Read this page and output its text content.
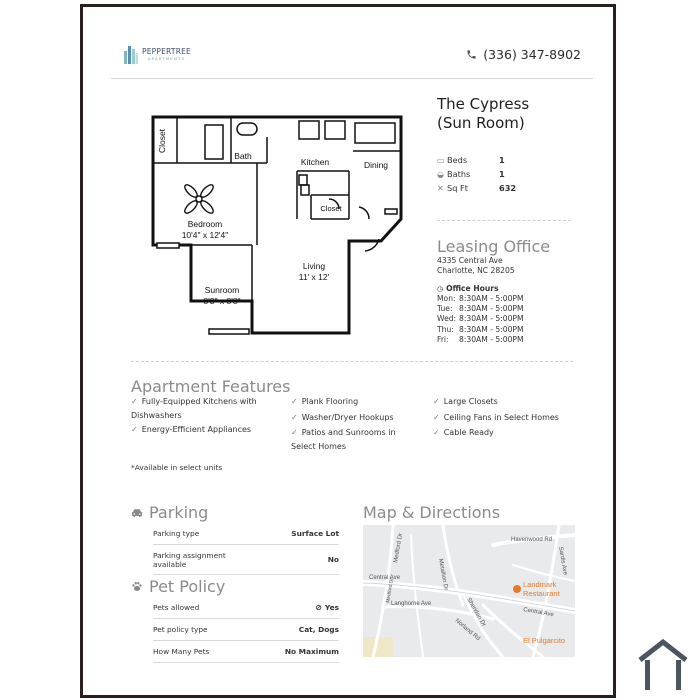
PEPPERTREE
APARTMENTS	(336) 347-8902
Closet
Bath
Kitchen	Dining
Bedroom
10'4" x 12'4"
Closet
Living
11' x 12'
Sunroom
8'3" x 8'8"
The Cypress
(Sun Room)
▭ Beds	1
◒ Baths	1
✕ Sq Ft	632
Leasing Office
4335 Central Ave
Charlotte, NC 28205
◷ Office Hours
Mon: 8:30AM - 5:00PM
Tue: 8:30AM - 5:00PM
Wed: 8:30AM - 5:00PM
Thu: 8:30AM - 5:00PM
Fri:	8:30AM - 5:00PM
Apartment Features
✓ Fully-Equipped Kitchens with Dishwashers
✓ Energy-Efficient Appliances
✓ Plank Flooring
✓ Washer/Dryer Hookups
✓ Patios and Sunrooms in Select Homes
✓ Large Closets
✓ Ceiling Fans in Select Homes
✓ Cable Ready
*Available in select units
Parking
Parking type	Surface Lot
Parking assignment available	No
Pet Policy
Pets allowed	⊘ Yes
Pet policy type	Cat, Dogs
How Many Pets	No Maximum
Map & Directions
Havenwood Rd
Medford Dr
Metallion Dr	Sardis Ave
Central Ave
Central Ave
Langhorne Ave	Sheridan Dr
Norland Rd
Medford Dr	Landmark
Restaurant
El Pulgarcito
